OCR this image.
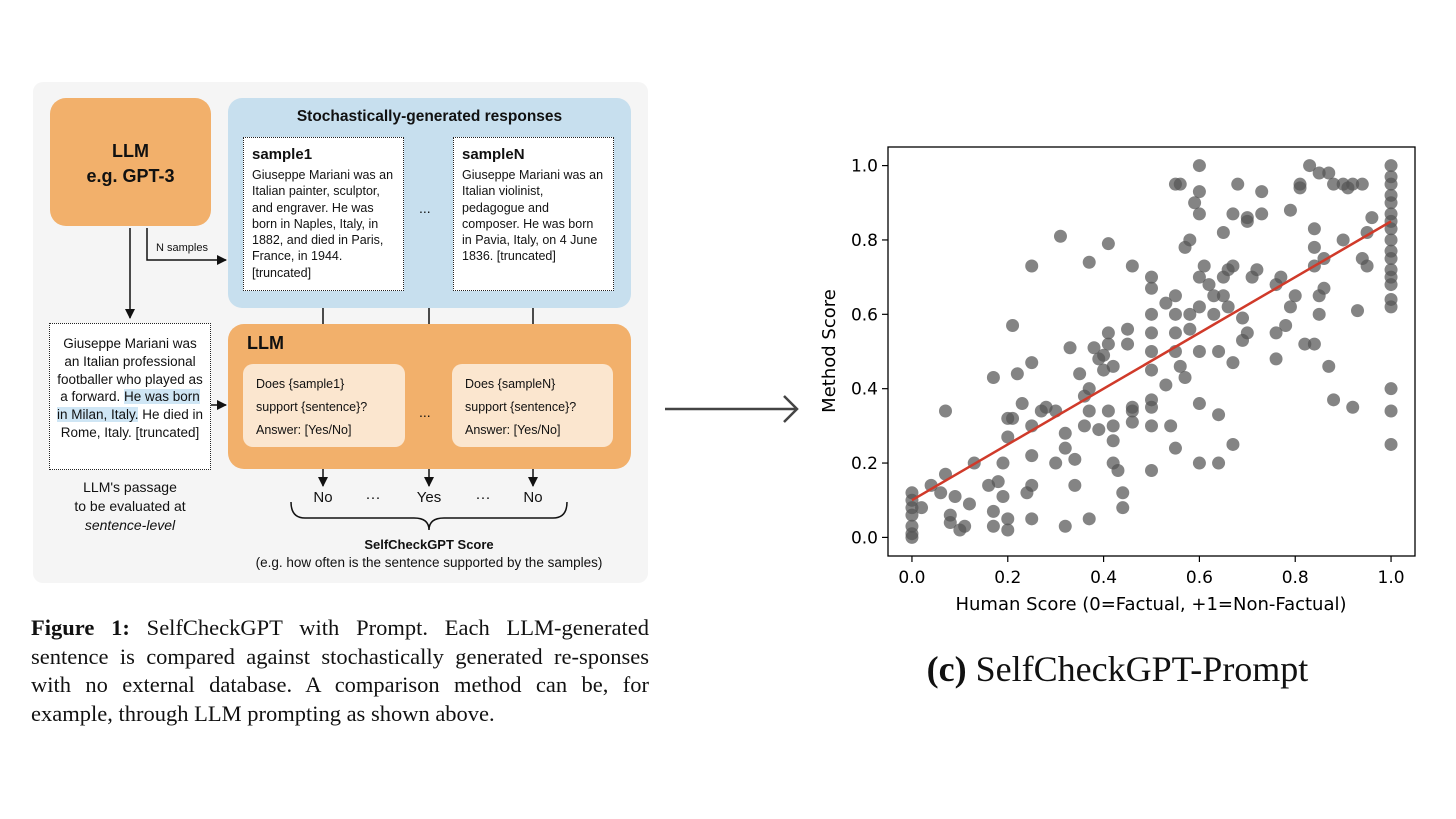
LLM
e.g. GPT-3
N samples
Stochastically-generated responses
sample1
Giuseppe Mariani was an Italian painter, sculptor, and engraver. He was born in Naples, Italy, in 1882, and died in Paris, France, in 1944. [truncated]
...
sampleN
Giuseppe Mariani was an Italian violinist, pedagogue and composer. He was born in Pavia, Italy, on 4 June 1836. [truncated]
Giuseppe Mariani was an Italian professional footballer who played as a forward. He was born in Milan, Italy. He died in Rome, Italy. [truncated]
LLM's passage
to be evaluated at
sentence-level
LLM
Does {sample1}
support {sentence}?
Answer: [Yes/No]
...
Does {sampleN}
support {sentence}?
Answer: [Yes/No]
No	···	Yes	···	No
SelfCheckGPT Score
(e.g. how often is the sentence supported by the samples)
Figure 1: SelfCheckGPT with Prompt. Each LLM-generated sentence is compared against stochastically generated re-sponses with no external database. A comparison method can be, for example, through LLM prompting as shown above.
0.0
0.2
0.4
0.6
0.8
1.0
0.0	0.2	0.4	0.6	0.8	1.0
Human Score (0=Factual, +1=Non-Factual)
Method Score
(c) SelfCheckGPT-Prompt
